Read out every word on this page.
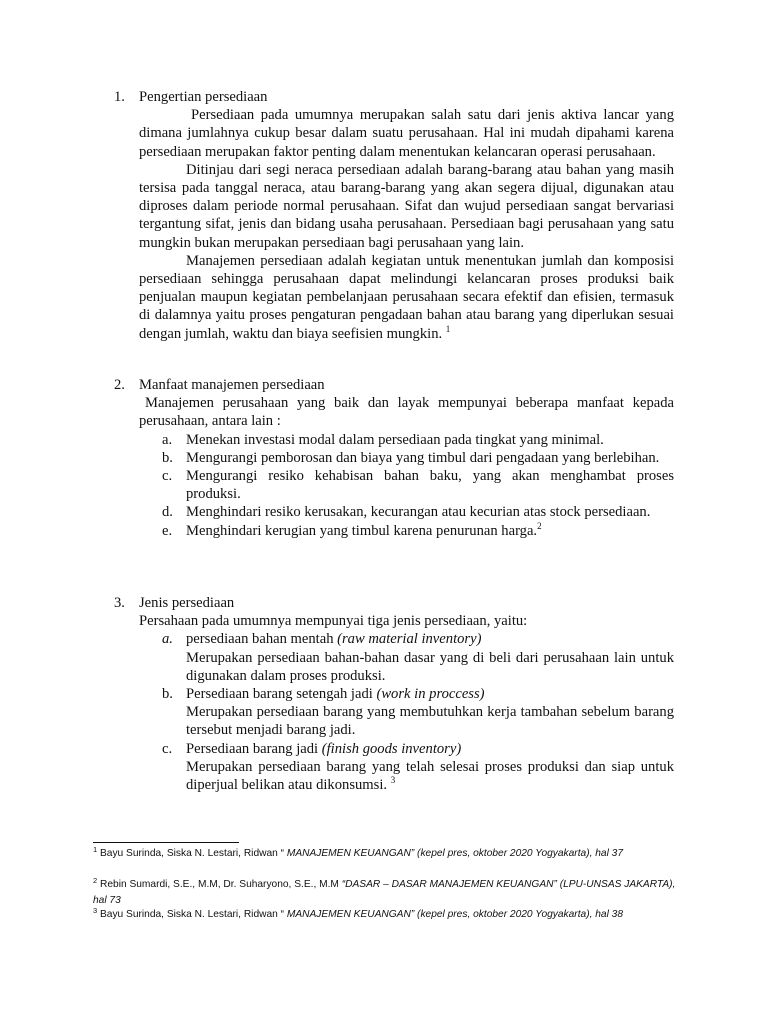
1. Pengertian persediaan

Persediaan pada umumnya merupakan salah satu dari jenis aktiva lancar yang dimana jumlahnya cukup besar dalam suatu perusahaan. Hal ini mudah dipahami karena persediaan merupakan faktor penting dalam menentukan kelancaran operasi perusahaan.

Ditinjau dari segi neraca persediaan adalah barang-barang atau bahan yang masih tersisa pada tanggal neraca, atau barang-barang yang akan segera dijual, digunakan atau diproses dalam periode normal perusahaan. Sifat dan wujud persediaan sangat bervariasi tergantung sifat, jenis dan bidang usaha perusahaan. Persediaan bagi perusahaan yang satu mungkin bukan merupakan persediaan bagi perusahaan yang lain.

Manajemen persediaan adalah kegiatan untuk menentukan jumlah dan komposisi persediaan sehingga perusahaan dapat melindungi kelancaran proses produksi baik penjualan maupun kegiatan pembelanjaan perusahaan secara efektif dan efisien, termasuk di dalamnya yaitu proses pengaturan pengadaan bahan atau barang yang diperlukan sesuai dengan jumlah, waktu dan biaya seefisien mungkin. $^1$

2. Manfaat manajemen persediaan

Manajemen perusahaan yang baik dan layak mempunyai beberapa manfaat kepada perusahaan, antara lain :

a. Menekan investasi modal dalam persediaan pada tingkat yang minimal.
b. Mengurangi pemborosan dan biaya yang timbul dari pengadaan yang berlebihan.
c. Mengurangi resiko kehabisan bahan baku, yang akan menghambat proses produksi.
d. Menghindari resiko kerusakan, kecurangan atau kecurian atas stock persediaan.
e. Menghindari kerugian yang timbul karena penurunan harga.$^2$
3. Jenis persediaan

Persahaan pada umumnya mempunyai tiga jenis persediaan, yaitu:

a. persediaan bahan mentah (raw material inventory)

Merupakan persediaan bahan-bahan dasar yang di beli dari perusahaan lain untuk digunakan dalam proses produksi.

b. Persediaan barang setengah jadi (work in proccess)

Merupakan persediaan barang yang membutuhkan kerja tambahan sebelum barang tersebut menjadi barang jadi.

c. Persediaan barang jadi (finish goods inventory)

Merupakan persediaan barang yang telah selesai proses produksi dan siap untuk diperjual belikan atau dikonsumsi. $^3$

$^1$ Bayu Surinda, Siska N. Lestari, Ridwan “ MANAJEMEN KEUANGAN” (kepel pres, oktober 2020 Yogyakarta), hal 37
$^2$ Rebin Sumardi, S.E., M.M, Dr. Suharyono, S.E., M.M “DASAR – DASAR MANAJEMEN KEUANGAN” (LPU-UNSAS JAKARTA), hal 73
$^3$ Bayu Surinda, Siska N. Lestari, Ridwan “ MANAJEMEN KEUANGAN” (kepel pres, oktober 2020 Yogyakarta), hal 38
